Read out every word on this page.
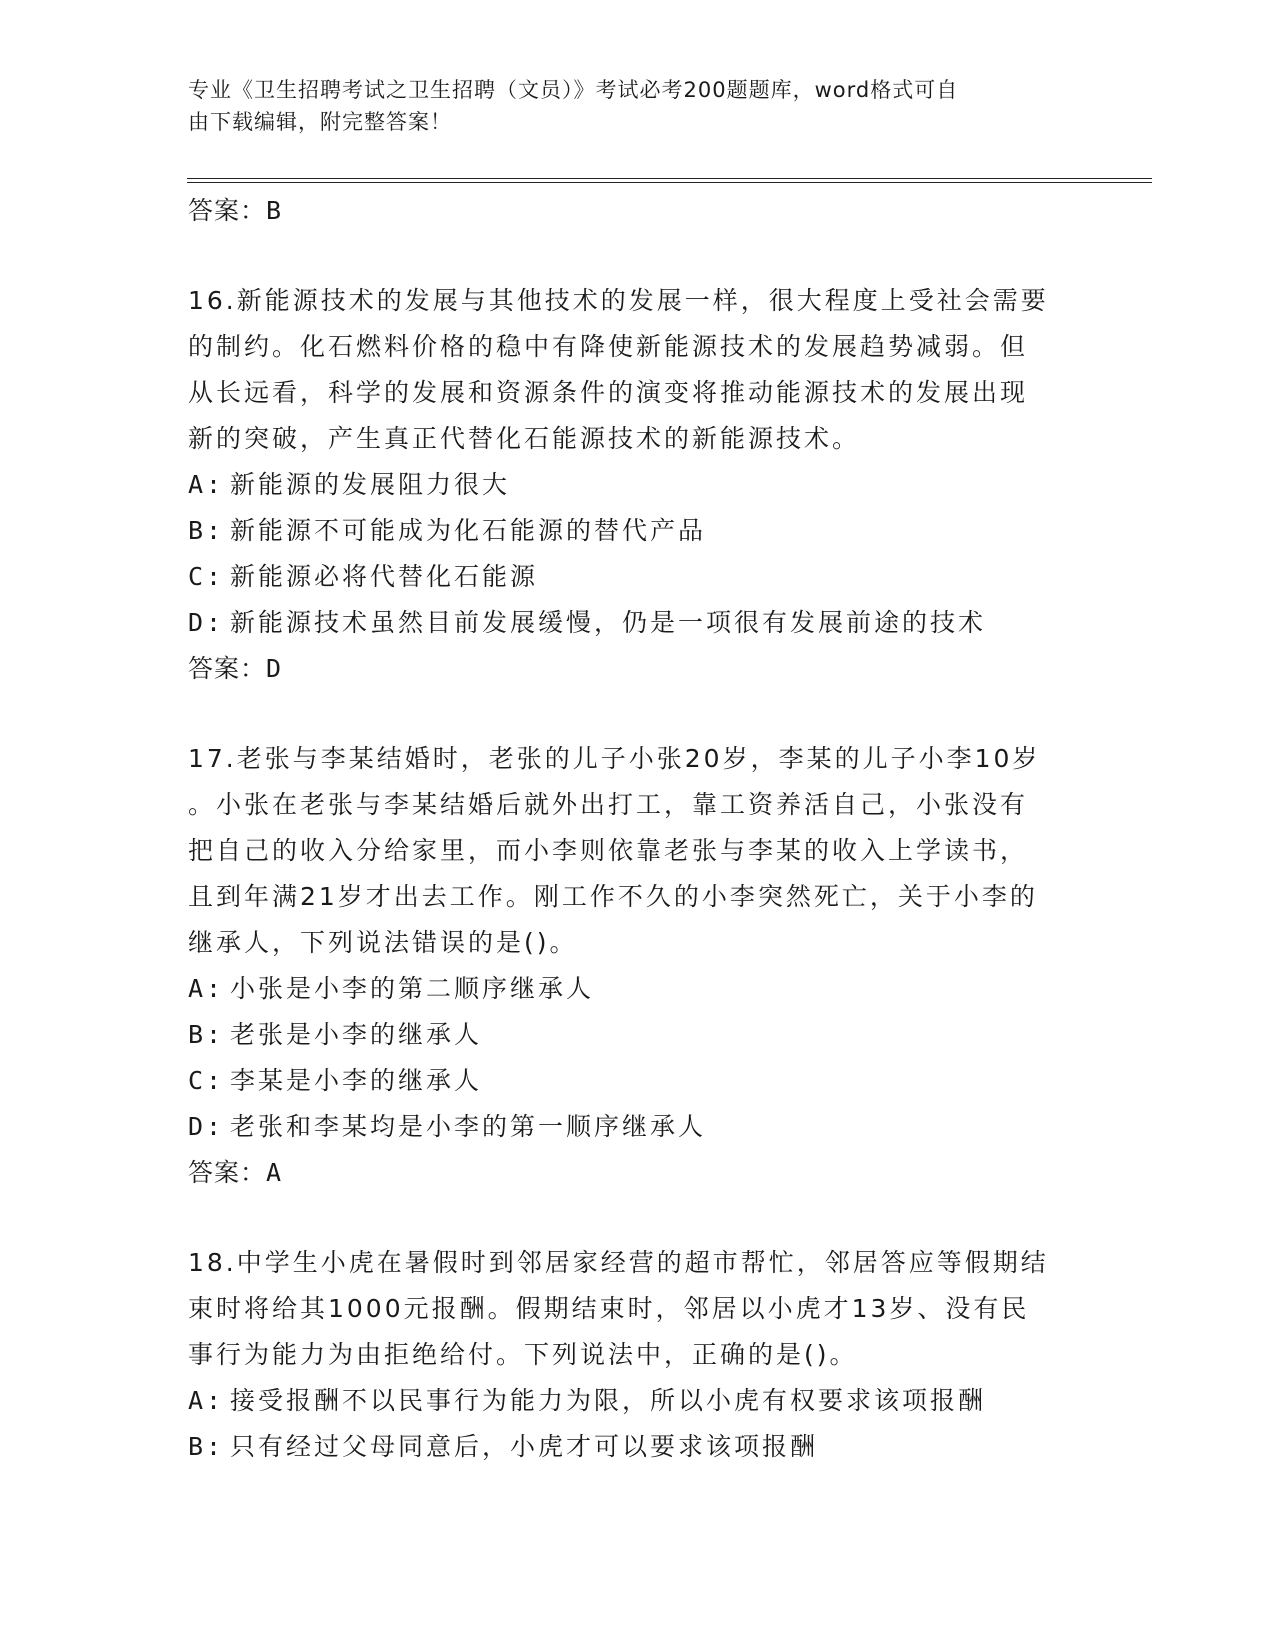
专业《卫生招聘考试之卫生招聘（文员）》考试必考200题题库，word格式可自
由下载编辑，附完整答案！

答案：B

16.新能源技术的发展与其他技术的发展一样，很大程度上受社会需要

的制约。化石燃料价格的稳中有降使新能源技术的发展趋势减弱。但

从长远看，科学的发展和资源条件的演变将推动能源技术的发展出现

新的突破，产生真正代替化石能源技术的新能源技术。

A: 新能源的发展阻力很大

B: 新能源不可能成为化石能源的替代产品

C: 新能源必将代替化石能源

D: 新能源技术虽然目前发展缓慢，仍是一项很有发展前途的技术

答案：D

17.老张与李某结婚时，老张的儿子小张20岁，李某的儿子小李10岁

。小张在老张与李某结婚后就外出打工，靠工资养活自己，小张没有

把自己的收入分给家里，而小李则依靠老张与李某的收入上学读书，

且到年满21岁才出去工作。刚工作不久的小李突然死亡，关于小李的

继承人，下列说法错误的是()。

A: 小张是小李的第二顺序继承人

B: 老张是小李的继承人

C: 李某是小李的继承人

D: 老张和李某均是小李的第一顺序继承人

答案：A

18.中学生小虎在暑假时到邻居家经营的超市帮忙，邻居答应等假期结

束时将给其1000元报酬。假期结束时，邻居以小虎才13岁、没有民

事行为能力为由拒绝给付。下列说法中，正确的是()。

A: 接受报酬不以民事行为能力为限，所以小虎有权要求该项报酬

B: 只有经过父母同意后，小虎才可以要求该项报酬
